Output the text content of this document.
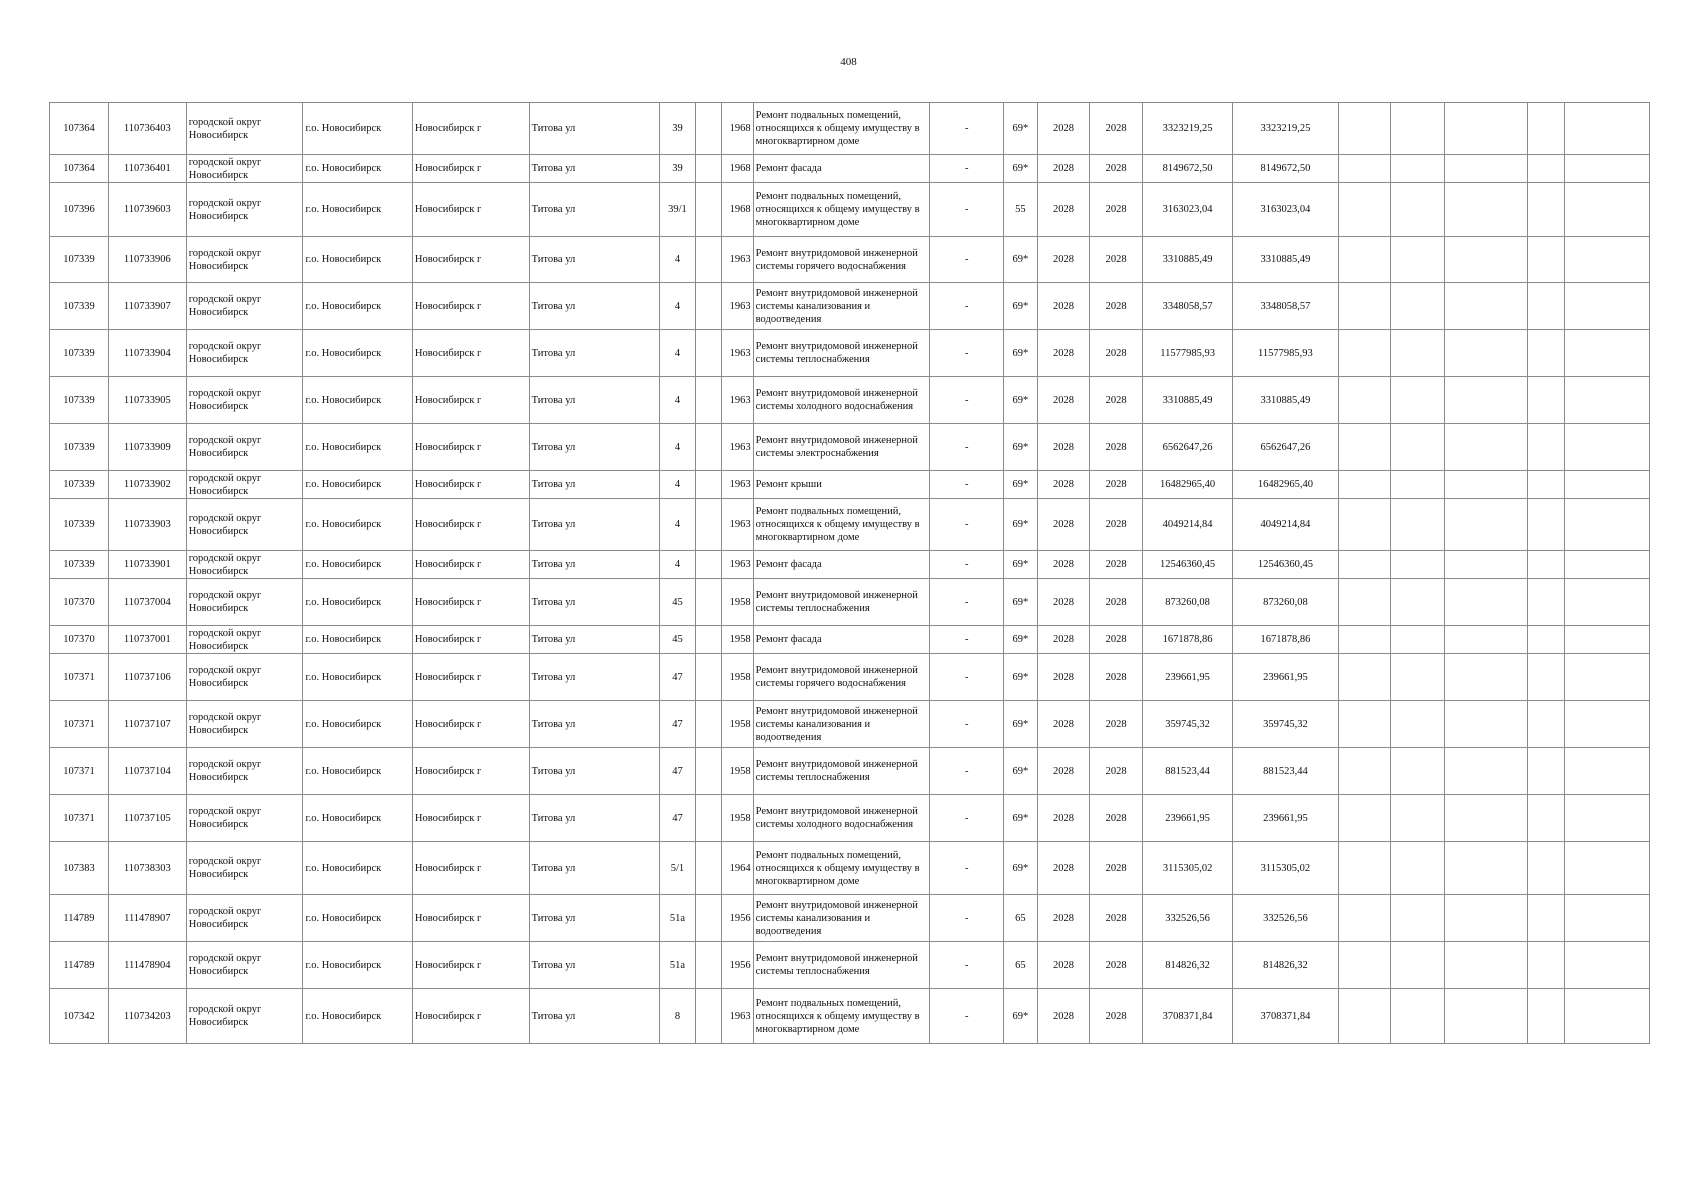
408
107364	110736403	городской округ Новосибирск	г.о. Новосибирск	Новосибирск г	Титова ул	39		1968	Ремонт подвальных помещений, относящихся к общему имуществу в многоквартирном доме	-	69*	2028	2028	3323219,25	3323219,25					
107364	110736401	городской округ Новосибирск	г.о. Новосибирск	Новосибирск г	Титова ул	39		1968	Ремонт фасада	-	69*	2028	2028	8149672,50	8149672,50					
107396	110739603	городской округ Новосибирск	г.о. Новосибирск	Новосибирск г	Титова ул	39/1		1968	Ремонт подвальных помещений, относящихся к общему имуществу в многоквартирном доме	-	55	2028	2028	3163023,04	3163023,04					
107339	110733906	городской округ Новосибирск	г.о. Новосибирск	Новосибирск г	Титова ул	4		1963	Ремонт внутридомовой инженерной системы горячего водоснабжения	-	69*	2028	2028	3310885,49	3310885,49					
107339	110733907	городской округ Новосибирск	г.о. Новосибирск	Новосибирск г	Титова ул	4		1963	Ремонт внутридомовой инженерной системы канализования и водоотведения	-	69*	2028	2028	3348058,57	3348058,57					
107339	110733904	городской округ Новосибирск	г.о. Новосибирск	Новосибирск г	Титова ул	4		1963	Ремонт внутридомовой инженерной системы теплоснабжения	-	69*	2028	2028	11577985,93	11577985,93					
107339	110733905	городской округ Новосибирск	г.о. Новосибирск	Новосибирск г	Титова ул	4		1963	Ремонт внутридомовой инженерной системы холодного водоснабжения	-	69*	2028	2028	3310885,49	3310885,49					
107339	110733909	городской округ Новосибирск	г.о. Новосибирск	Новосибирск г	Титова ул	4		1963	Ремонт внутридомовой инженерной системы электроснабжения	-	69*	2028	2028	6562647,26	6562647,26					
107339	110733902	городской округ Новосибирск	г.о. Новосибирск	Новосибирск г	Титова ул	4		1963	Ремонт крыши	-	69*	2028	2028	16482965,40	16482965,40					
107339	110733903	городской округ Новосибирск	г.о. Новосибирск	Новосибирск г	Титова ул	4		1963	Ремонт подвальных помещений, относящихся к общему имуществу в многоквартирном доме	-	69*	2028	2028	4049214,84	4049214,84					
107339	110733901	городской округ Новосибирск	г.о. Новосибирск	Новосибирск г	Титова ул	4		1963	Ремонт фасада	-	69*	2028	2028	12546360,45	12546360,45					
107370	110737004	городской округ Новосибирск	г.о. Новосибирск	Новосибирск г	Титова ул	45		1958	Ремонт внутридомовой инженерной системы теплоснабжения	-	69*	2028	2028	873260,08	873260,08					
107370	110737001	городской округ Новосибирск	г.о. Новосибирск	Новосибирск г	Титова ул	45		1958	Ремонт фасада	-	69*	2028	2028	1671878,86	1671878,86					
107371	110737106	городской округ Новосибирск	г.о. Новосибирск	Новосибирск г	Титова ул	47		1958	Ремонт внутридомовой инженерной системы горячего водоснабжения	-	69*	2028	2028	239661,95	239661,95					
107371	110737107	городской округ Новосибирск	г.о. Новосибирск	Новосибирск г	Титова ул	47		1958	Ремонт внутридомовой инженерной системы канализования и водоотведения	-	69*	2028	2028	359745,32	359745,32					
107371	110737104	городской округ Новосибирск	г.о. Новосибирск	Новосибирск г	Титова ул	47		1958	Ремонт внутридомовой инженерной системы теплоснабжения	-	69*	2028	2028	881523,44	881523,44					
107371	110737105	городской округ Новосибирск	г.о. Новосибирск	Новосибирск г	Титова ул	47		1958	Ремонт внутридомовой инженерной системы холодного водоснабжения	-	69*	2028	2028	239661,95	239661,95					
107383	110738303	городской округ Новосибирск	г.о. Новосибирск	Новосибирск г	Титова ул	5/1		1964	Ремонт подвальных помещений, относящихся к общему имуществу в многоквартирном доме	-	69*	2028	2028	3115305,02	3115305,02					
114789	111478907	городской округ Новосибирск	г.о. Новосибирск	Новосибирск г	Титова ул	51а		1956	Ремонт внутридомовой инженерной системы канализования и водоотведения	-	65	2028	2028	332526,56	332526,56					
114789	111478904	городской округ Новосибирск	г.о. Новосибирск	Новосибирск г	Титова ул	51а		1956	Ремонт внутридомовой инженерной системы теплоснабжения	-	65	2028	2028	814826,32	814826,32					
107342	110734203	городской округ Новосибирск	г.о. Новосибирск	Новосибирск г	Титова ул	8		1963	Ремонт подвальных помещений, относящихся к общему имуществу в многоквартирном доме	-	69*	2028	2028	3708371,84	3708371,84					
